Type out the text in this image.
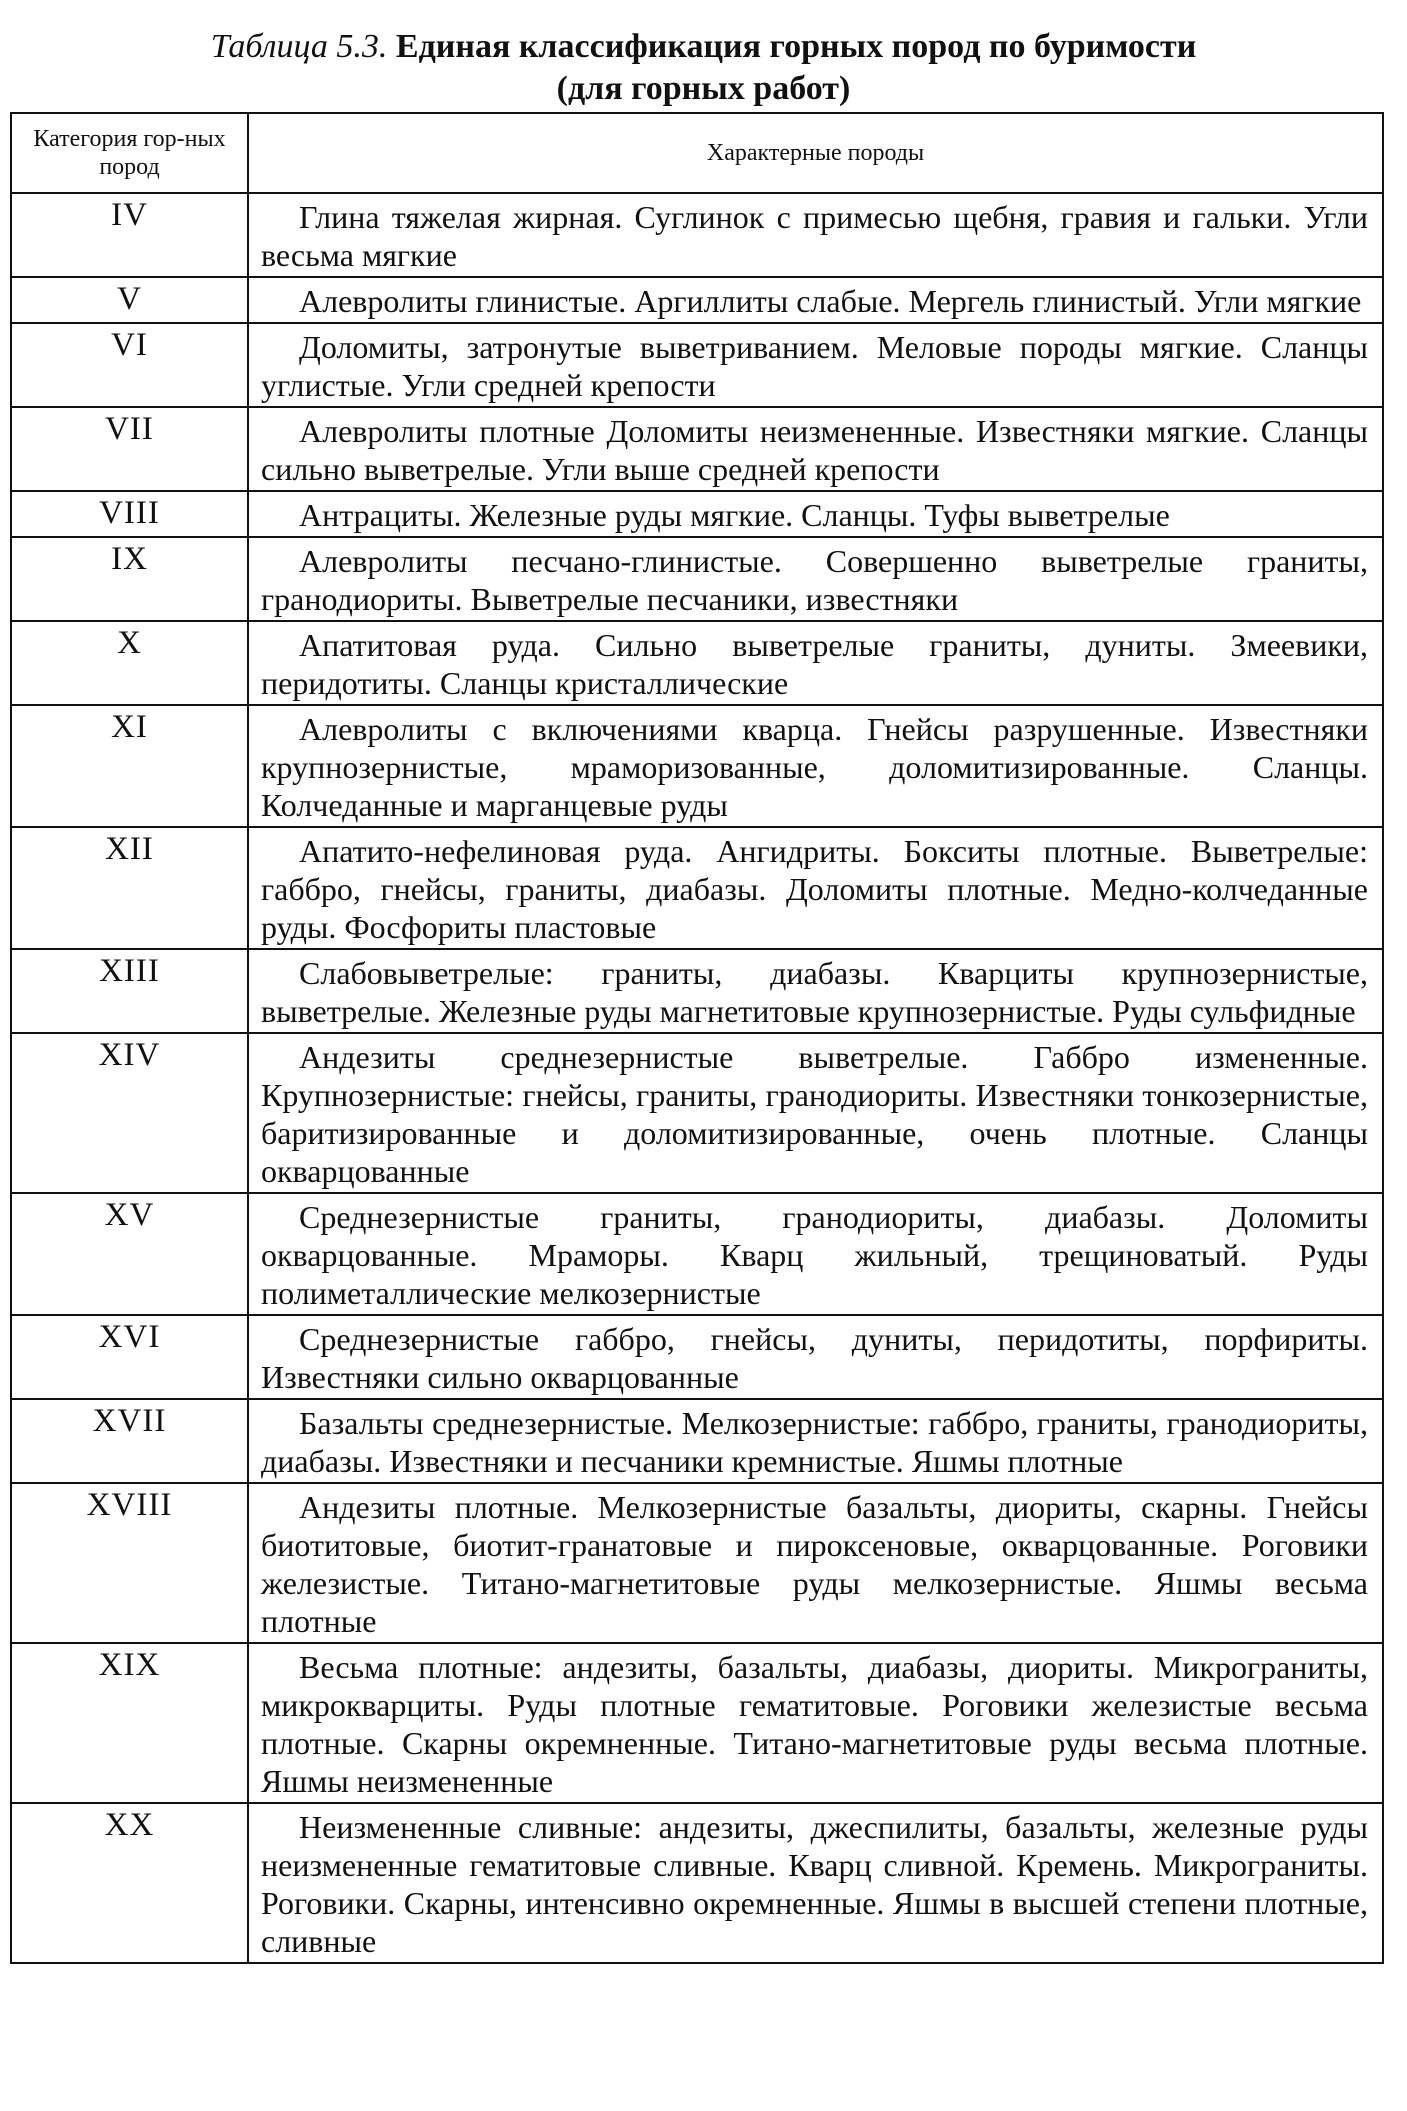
Таблица 5.3. Единая классификация горных пород по буримости
(для горных работ)
Категория гор-ных пород	Характерные породы
IV	Глина тяжелая жирная. Суглинок с примесью щебня, гравия и гальки. Угли весьма мягкие
V	Алевролиты глинистые. Аргиллиты слабые. Мергель глинистый. Угли мягкие
VI	Доломиты, затронутые выветриванием. Меловые породы мягкие. Сланцы углистые. Угли средней крепости
VII	Алевролиты плотные Доломиты неизмененные. Известняки мягкие. Сланцы сильно выветрелые. Угли выше средней крепости
VIII	Антрациты. Железные руды мягкие. Сланцы. Туфы выветрелые
IX	Алевролиты песчано-глинистые. Совершенно выветрелые граниты, гранодиориты. Выветрелые песчаники, известняки
X	Апатитовая руда. Сильно выветрелые граниты, дуниты. Змеевики, перидотиты. Сланцы кристаллические
XI	Алевролиты с включениями кварца. Гнейсы разрушенные. Известняки крупнозернистые, мраморизованные, доломитизированные. Сланцы. Колчеданные и марганцевые руды
XII	Апатито-нефелиновая руда. Ангидриты. Бокситы плотные. Выветрелые: габбро, гнейсы, граниты, диабазы. Доломиты плотные. Медно-колчеданные руды. Фосфориты пластовые
XIII	Слабовыветрелые: граниты, диабазы. Кварциты крупнозернистые, выветрелые. Железные руды магнетитовые крупнозернистые. Руды сульфидные
XIV	Андезиты среднезернистые выветрелые. Габбро измененные. Крупнозернистые: гнейсы, граниты, гранодиориты. Известняки тонкозернистые, баритизированные и доломитизированные, очень плотные. Сланцы окварцованные
XV	Среднезернистые граниты, гранодиориты, диабазы. Доломиты окварцованные. Мраморы. Кварц жильный, трещиноватый. Руды полиметаллические мелкозернистые
XVI	Среднезернистые габбро, гнейсы, дуниты, перидотиты, порфириты. Известняки сильно окварцованные
XVII	Базальты среднезернистые. Мелкозернистые: габбро, граниты, гранодиориты, диабазы. Известняки и песчаники кремнистые. Яшмы плотные
XVIII	Андезиты плотные. Мелкозернистые базальты, диориты, скарны. Гнейсы биотитовые, биотит-гранатовые и пироксеновые, окварцованные. Роговики железистые. Титано-магнетитовые руды мелкозернистые. Яшмы весьма плотные
XIX	Весьма плотные: андезиты, базальты, диабазы, диориты. Микрограниты, микрокварциты. Руды плотные гематитовые. Роговики железистые весьма плотные. Скарны окремненные. Титано-магнетитовые руды весьма плотные. Яшмы неизмененные
XX	Неизмененные сливные: андезиты, джеспилиты, базальты, железные руды неизмененные гематитовые сливные. Кварц сливной. Кремень. Микрограниты. Роговики. Скарны, интенсивно окремненные. Яшмы в высшей степени плотные, сливные
